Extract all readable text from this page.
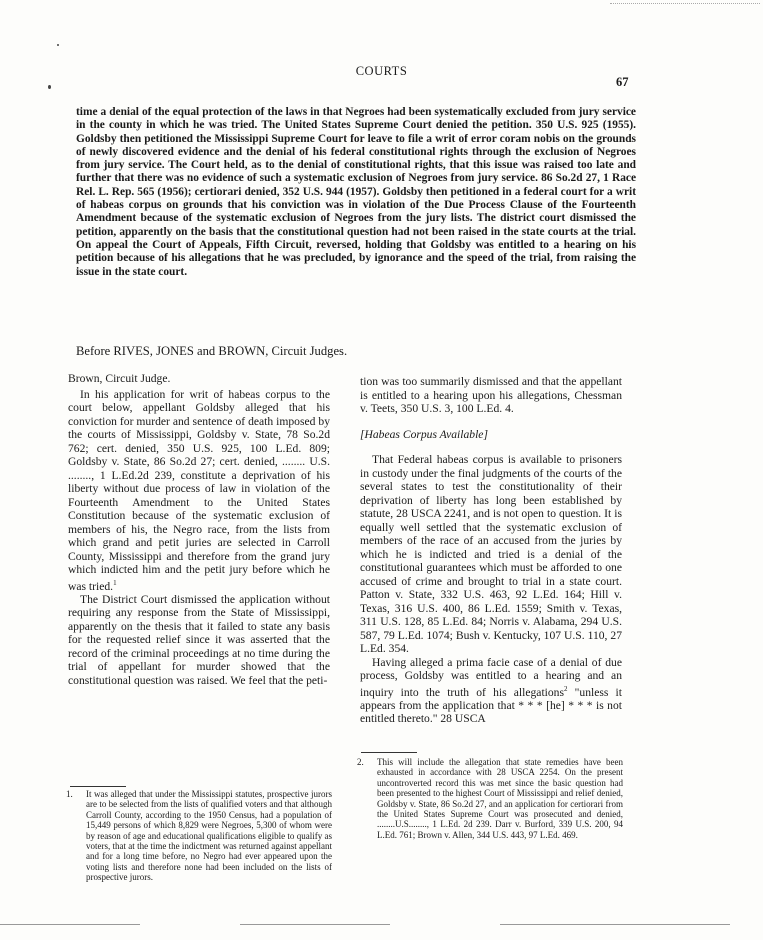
COURTS
67

time a denial of the equal protection of the laws in that Negroes had been systematically excluded from jury service in the county in which he was tried. The United States Supreme Court denied the petition. 350 U.S. 925 (1955). Goldsby then petitioned the Mississippi Supreme Court for leave to file a writ of error coram nobis on the grounds of newly discovered evidence and the denial of his federal constitutional rights through the exclusion of Negroes from jury service. The Court held, as to the denial of constitutional rights, that this issue was raised too late and further that there was no evidence of such a systematic exclusion of Negroes from jury service. 86 So.2d 27, 1 Race Rel. L. Rep. 565 (1956); certiorari denied, 352 U.S. 944 (1957). Goldsby then petitioned in a federal court for a writ of habeas corpus on grounds that his conviction was in violation of the Due Process Clause of the Fourteenth Amendment because of the systematic exclusion of Negroes from the jury lists. The district court dismissed the petition, apparently on the basis that the constitutional question had not been raised in the state courts at the trial. On appeal the Court of Appeals, Fifth Circuit, reversed, holding that Goldsby was entitled to a hearing on his petition because of his allegations that he was precluded, by ignorance and the speed of the trial, from raising the issue in the state court.

Before RIVES, JONES and BROWN, Circuit Judges.

Brown, Circuit Judge.

In his application for writ of habeas corpus to the court below, appellant Goldsby alleged that his conviction for murder and sentence of death imposed by the courts of Mississippi, Goldsby v. State, 78 So.2d 762; cert. denied, 350 U.S. 925, 100 L.Ed. 809; Goldsby v. State, 86 So.2d 27; cert. denied, ........ U.S. ........, 1 L.Ed.2d 239, constitute a deprivation of his liberty without due process of law in violation of the Fourteenth Amendment to the United States Constitution because of the systematic exclusion of members of his, the Negro race, from the lists from which grand and petit juries are selected in Carroll County, Mississippi and therefore from the grand jury which indicted him and the petit jury before which he was tried.$^1$

The District Court dismissed the application without requiring any response from the State of Mississippi, apparently on the thesis that it failed to state any basis for the requested relief since it was asserted that the record of the criminal proceedings at no time during the trial of appellant for murder showed that the constitutional question was raised. We feel that the peti-

tion was too summarily dismissed and that the appellant is entitled to a hearing upon his allegations, Chessman v. Teets, 350 U.S. 3, 100 L.Ed. 4.

[Habeas Corpus Available]

That Federal habeas corpus is available to prisoners in custody under the final judgments of the courts of the several states to test the constitutionality of their deprivation of liberty has long been established by statute, 28 USCA 2241, and is not open to question. It is equally well settled that the systematic exclusion of members of the race of an accused from the juries by which he is indicted and tried is a denial of the constitutional guarantees which must be afforded to one accused of crime and brought to trial in a state court. Patton v. State, 332 U.S. 463, 92 L.Ed. 164; Hill v. Texas, 316 U.S. 400, 86 L.Ed. 1559; Smith v. Texas, 311 U.S. 128, 85 L.Ed. 84; Norris v. Alabama, 294 U.S. 587, 79 L.Ed. 1074; Bush v. Kentucky, 107 U.S. 110, 27 L.Ed. 354.

Having alleged a prima facie case of a denial of due process, Goldsby was entitled to a hearing and an inquiry into the truth of his allegations$^2$ "unless it appears from the application that * * * [he] * * * is not entitled thereto." 28 USCA

1. It was alleged that under the Mississippi statutes, prospective jurors are to be selected from the lists of qualified voters and that although Carroll County, according to the 1950 Census, had a population of 15,449 persons of which 8,829 were Negroes, 5,300 of whom were by reason of age and educational qualifications eligible to qualify as voters, that at the time the indictment was returned against appellant and for a long time before, no Negro had ever appeared upon the voting lists and therefore none had been included on the lists of prospective jurors.
2. This will include the allegation that state remedies have been exhausted in accordance with 28 USCA 2254. On the present uncontroverted record this was met since the basic question had been presented to the highest Court of Mississippi and relief denied, Goldsby v. State, 86 So.2d 27, and an application for certiorari from the United States Supreme Court was prosecuted and denied, ........U.S........, 1 L.Ed. 2d 239. Darr v. Burford, 339 U.S. 200, 94 L.Ed. 761; Brown v. Allen, 344 U.S. 443, 97 L.Ed. 469.
